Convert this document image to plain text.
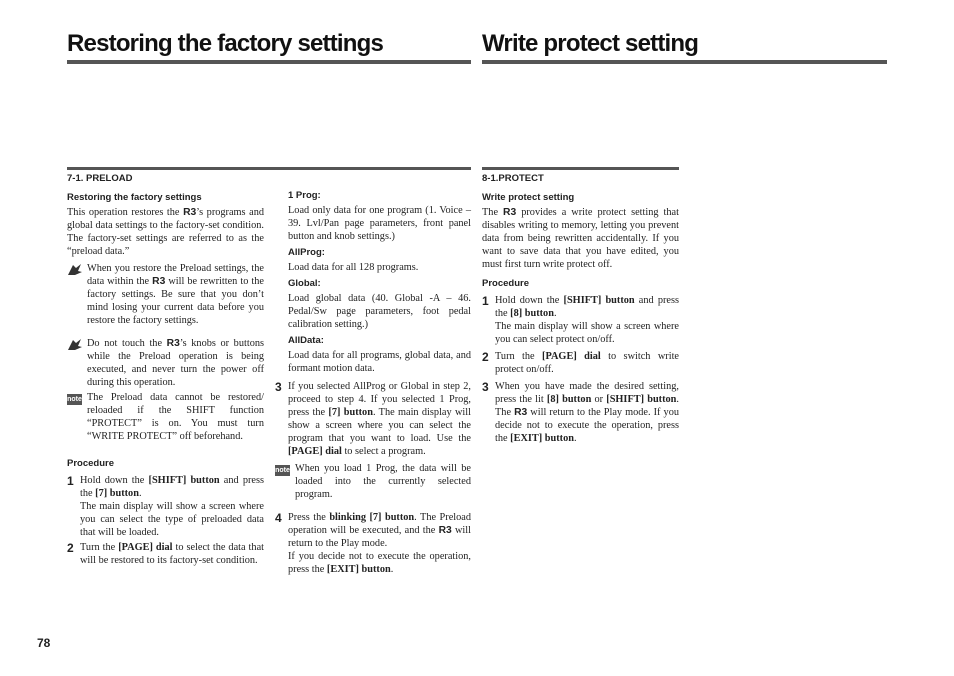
Restoring the factory settings	Write protect setting
7-1. PRELOAD
Restoring the factory settings

This operation restores the R3’s programs and global data settings to the factory-set condition. The factory-set settings are referred to as the “preload data.”

When you restore the Preload settings, the data within the R3 will be rewritten to the factory settings. Be sure that you don’t mind losing your current data before you restore the factory settings.
Do not touch the R3’s knobs or buttons while the Preload operation is being executed, and never turn the power off during this operation.
note The Preload data cannot be restored/ reloaded if the SHIFT function “PROTECT” is on. You must turn “WRITE PROTECT” off beforehand.
Procedure
1 Hold down the [SHIFT] button and press the [7] button.

The main display will show a screen where you can select the type of preloaded data that will be loaded.

2 Turn the [PAGE] dial to select the data that will be restored to its factory-set condition.
1 Prog:

Load only data for one program (1. Voice – 39. Lvl/Pan page parameters, front panel button and knob settings.)

AllProg:

Load data for all 128 programs.

Global:

Load global data (40. Global -A – 46. Pedal/Sw page parameters, foot pedal calibration setting.)

AllData:

Load data for all programs, global data, and formant motion data.

3 If you selected AllProg or Global in step 2, proceed to step 4. If you selected 1 Prog, press the [7] button. The main display will show a screen where you can select the program that you want to load. Use the [PAGE] dial to select a program.
note When you load 1 Prog, the data will be loaded into the currently selected program.
4 Press the blinking [7] button. The Preload operation will be executed, and the R3 will return to the Play mode.

If you decide not to execute the operation, press the [EXIT] button.

8-1.PROTECT
Write protect setting

The R3 provides a write protect setting that disables writing to memory, letting you prevent data from being rewritten accidentally. If you want to save data that you have edited, you must first turn write protect off.

Procedure
1 Hold down the [SHIFT] button and press the [8] button.

The main display will show a screen where you can select protect on/off.

2 Turn the [PAGE] dial to switch write protect on/off.
3 When you have made the desired setting, press the lit [8] button or [SHIFT] button. The R3 will return to the Play mode. If you decide not to execute the operation, press the [EXIT] button.
78
